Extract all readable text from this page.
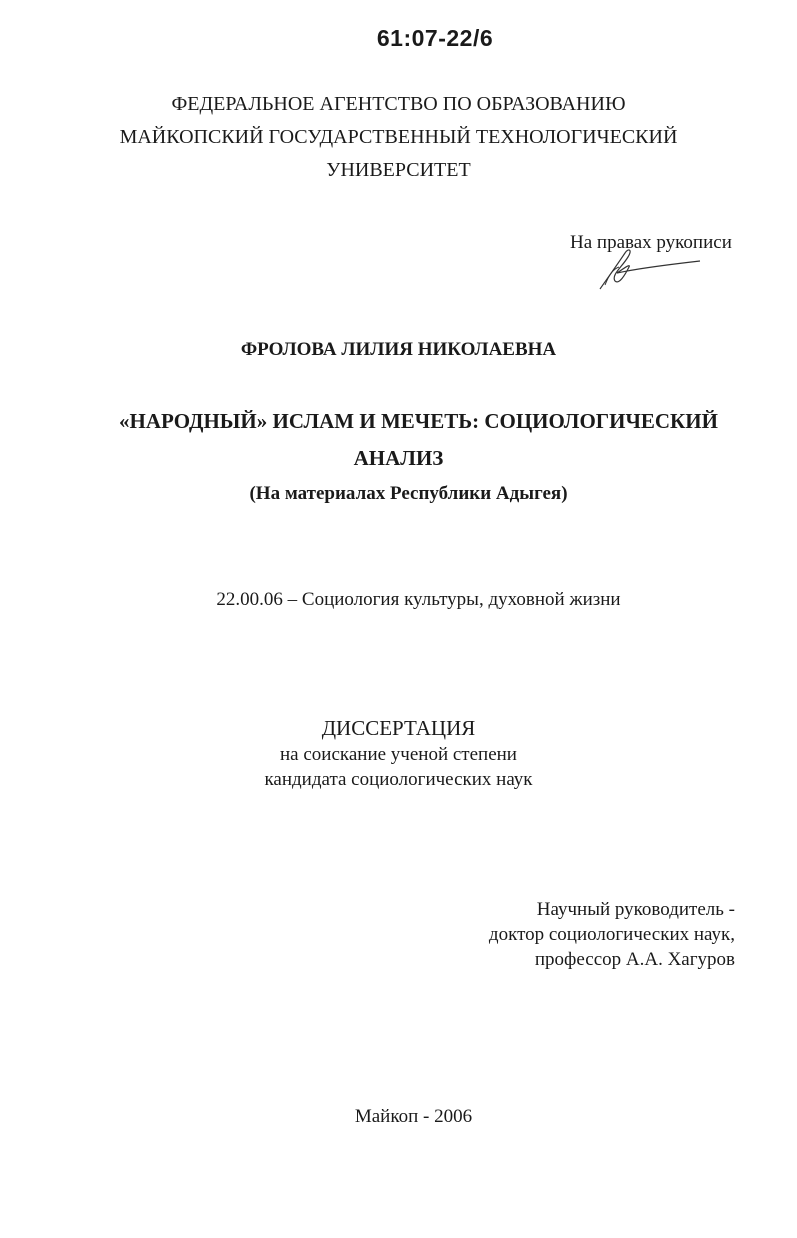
61:07-22/6
ФЕДЕРАЛЬНОЕ АГЕНТСТВО ПО ОБРАЗОВАНИЮ
МАЙКОПСКИЙ ГОСУДАРСТВЕННЫЙ ТЕХНОЛОГИЧЕСКИЙ
УНИВЕРСИТЕТ
На правах рукописи
ФРОЛОВА ЛИЛИЯ НИКОЛАЕВНА
«НАРОДНЫЙ» ИСЛАМ И МЕЧЕТЬ: СОЦИОЛОГИЧЕСКИЙ
АНАЛИЗ
(На материалах Республики Адыгея)
22.00.06 – Социология культуры, духовной жизни
ДИССЕРТАЦИЯ
на соискание ученой степени
кандидата социологических наук
Научный руководитель -
доктор социологических наук,
профессор А.А. Хагуров
Майкоп - 2006
